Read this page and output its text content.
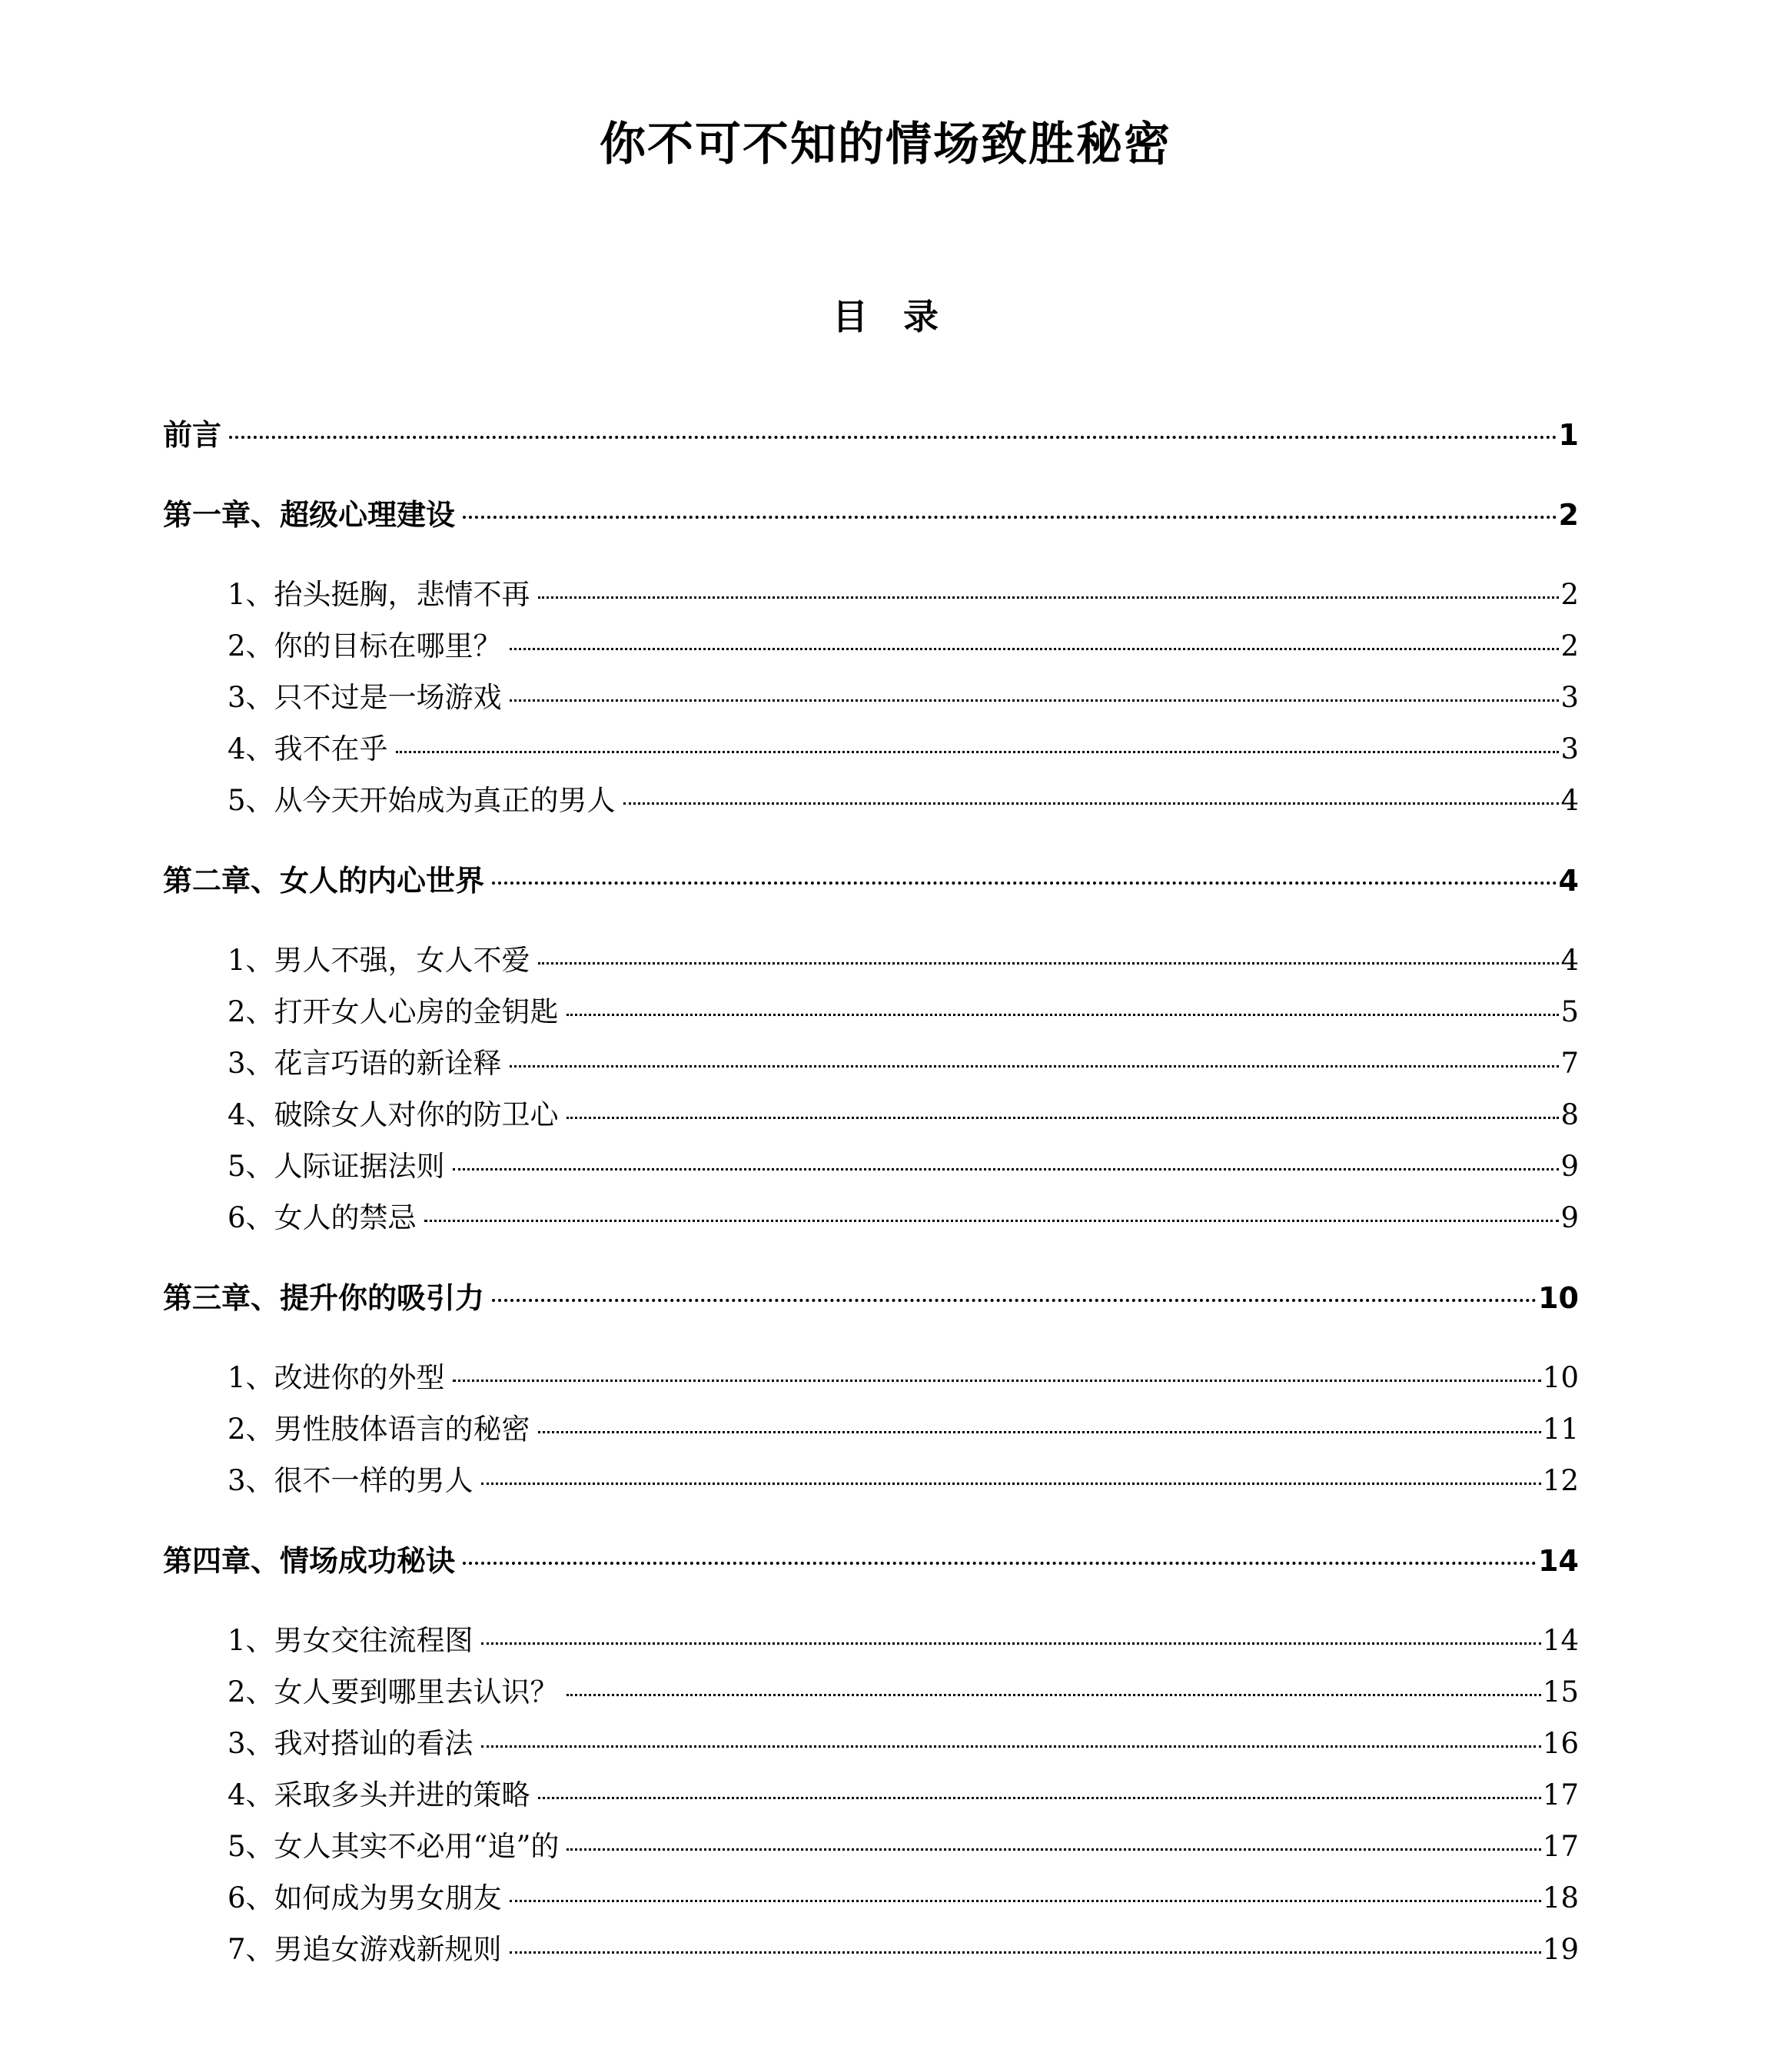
你不可不知的情场致胜秘密
目　录
前言	1
第一章、超级心理建设	2
1、抬头挺胸，悲情不再	2
2、你的目标在哪里？	2
3、只不过是一场游戏	3
4、我不在乎	3
5、从今天开始成为真正的男人	4
第二章、女人的内心世界	4
1、男人不强，女人不爱	4
2、打开女人心房的金钥匙	5
3、花言巧语的新诠释	7
4、破除女人对你的防卫心	8
5、人际证据法则	9
6、女人的禁忌	9
第三章、提升你的吸引力	10
1、改进你的外型	10
2、男性肢体语言的秘密	11
3、很不一样的男人	12
第四章、情场成功秘诀	14
1、男女交往流程图	14
2、女人要到哪里去认识？	15
3、我对搭讪的看法	16
4、采取多头并进的策略	17
5、女人其实不必用“追”的	17
6、如何成为男女朋友	18
7、男追女游戏新规则	19
